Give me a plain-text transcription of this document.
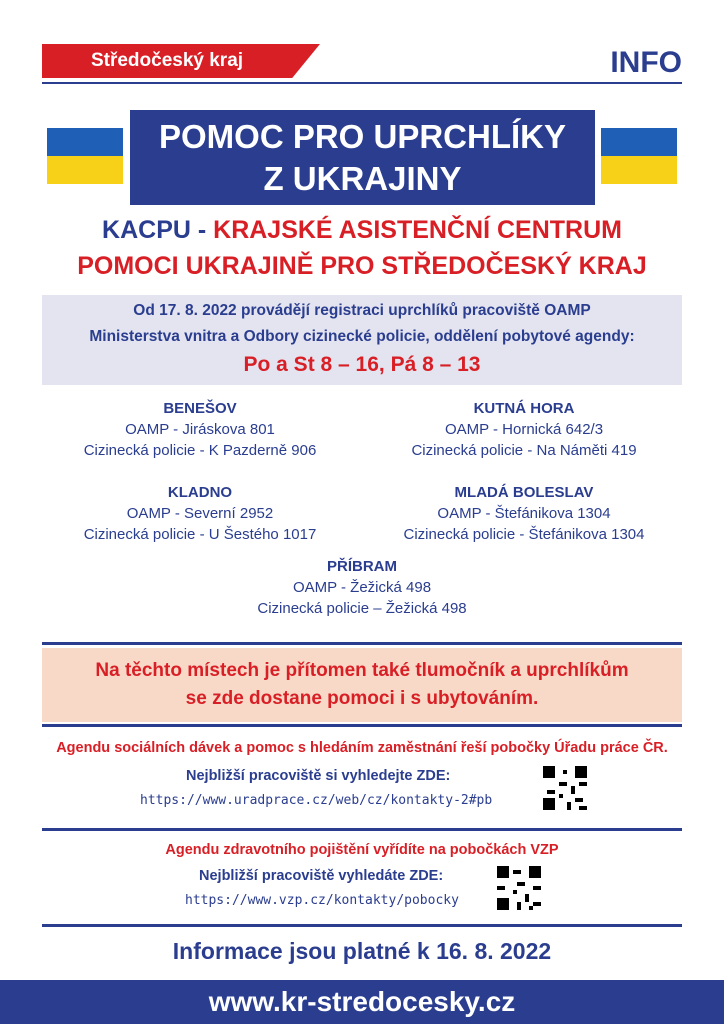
Středočeský kraj	INFO
POMOC PRO UPRCHLÍKY
Z UKRAJINY
KACPU - KRAJSKÉ ASISTENČNÍ CENTRUM
POMOCI UKRAJINĚ PRO STŘEDOČESKÝ KRAJ
Od 17. 8. 2022 provádějí registraci uprchlíků pracoviště OAMP
Ministerstva vnitra a Odbory cizinecké policie, oddělení pobytové agendy:
Po a St 8 – 16, Pá 8 – 13
BENEŠOV
OAMP - Jiráskova 801
Cizinecká policie - K Pazderně 906
KUTNÁ HORA
OAMP - Hornická 642/3
Cizinecká policie - Na Náměti 419
KLADNO
OAMP - Severní 2952
Cizinecká policie - U Šestého 1017
MLADÁ BOLESLAV
OAMP - Štefánikova 1304
Cizinecká policie - Štefánikova 1304
PŘÍBRAM
OAMP - Žežická 498
Cizinecká policie – Žežická 498
Na těchto místech je přítomen také tlumočník a uprchlíkům
se zde dostane pomoci i s ubytováním.
Agendu sociálních dávek a pomoc s hledáním zaměstnání řeší pobočky Úřadu práce ČR.
Nejbližší pracoviště si vyhledejte ZDE:
https://www.uradprace.cz/web/cz/kontakty-2#pb
Agendu zdravotního pojištění vyřídíte na pobočkách VZP
Nejbližší pracoviště vyhledáte ZDE:
https://www.vzp.cz/kontakty/pobocky
Informace jsou platné k 16. 8. 2022
www.kr-stredocesky.cz
